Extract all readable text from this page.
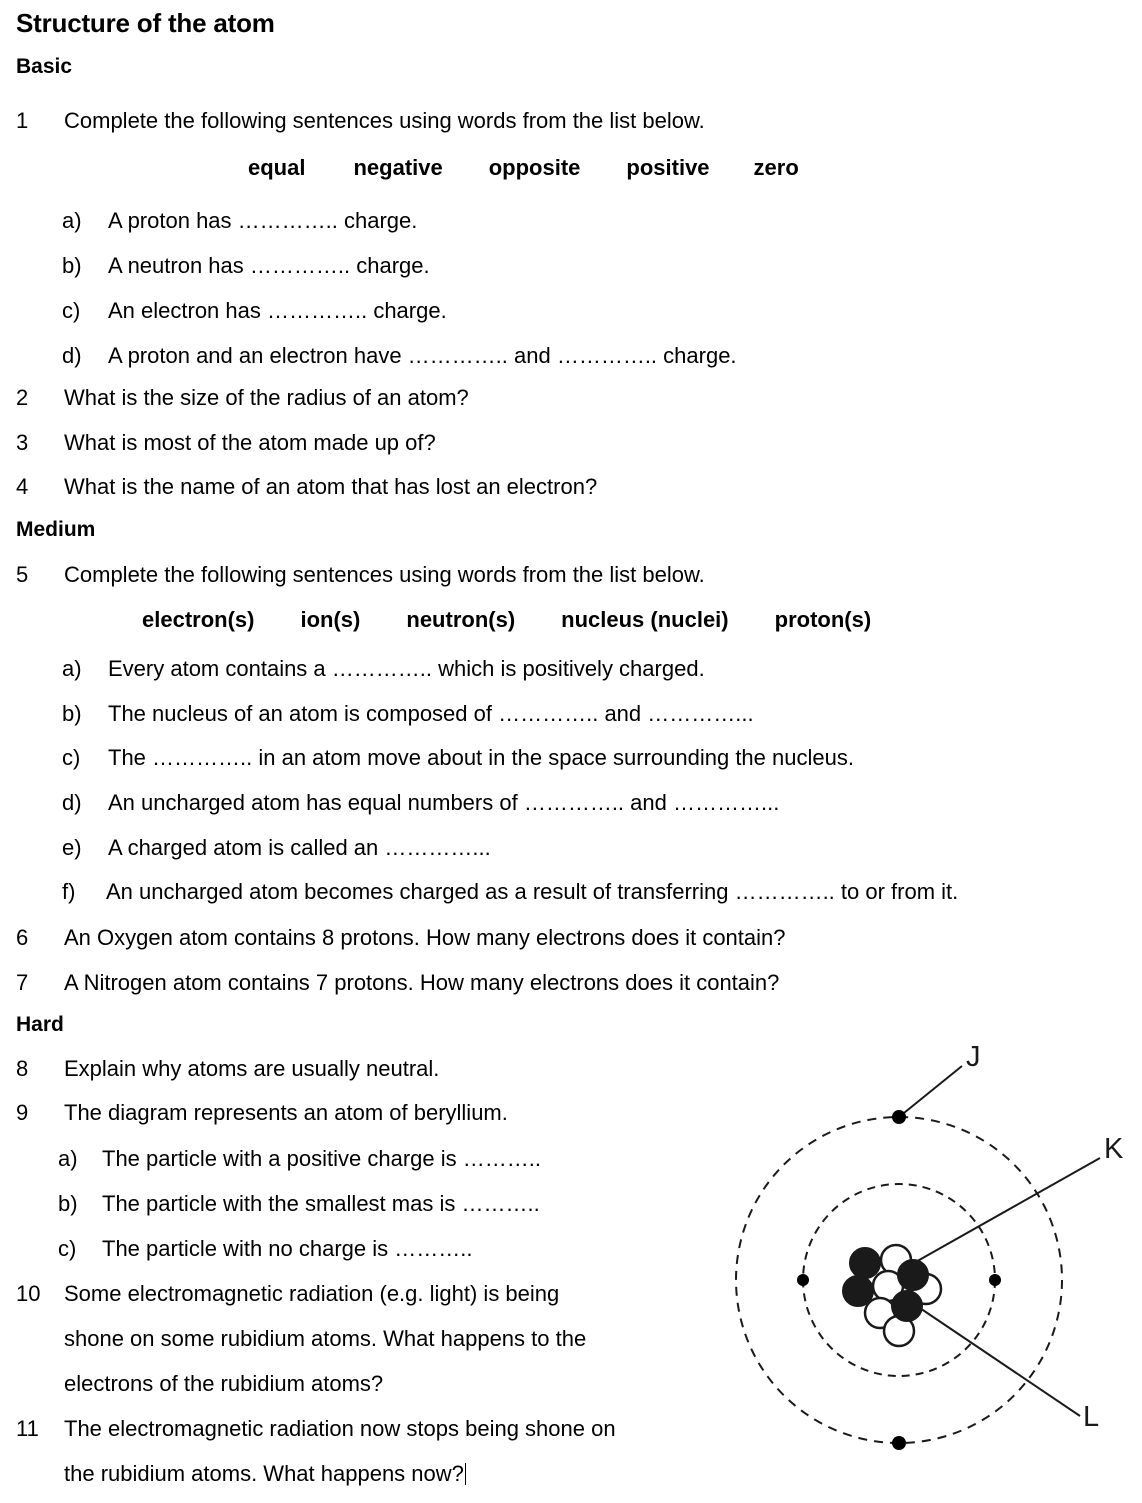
Structure of the atom
Basic
1 Complete the following sentences using words from the list below.
equal negative opposite positive zero
a) A proton has ………….. charge.
b) A neutron has ………….. charge.
c) An electron has ………….. charge.
d) A proton and an electron have ………….. and ………….. charge.
2 What is the size of the radius of an atom?
3 What is most of the atom made up of?
4 What is the name of an atom that has lost an electron?
Medium
5 Complete the following sentences using words from the list below.
electron(s) ion(s) neutron(s) nucleus (nuclei) proton(s)
a) Every atom contains a ………….. which is positively charged.
b) The nucleus of an atom is composed of ………….. and …………...
c) The ………….. in an atom move about in the space surrounding the nucleus.
d) An uncharged atom has equal numbers of ………….. and …………...
e) A charged atom is called an …………...
f) An uncharged atom becomes charged as a result of transferring ………….. to or from it.
6 An Oxygen atom contains 8 protons. How many electrons does it contain?
7 A Nitrogen atom contains 7 protons. How many electrons does it contain?
Hard
8 Explain why atoms are usually neutral.
9 The diagram represents an atom of beryllium.
a) The particle with a positive charge is ………..
b) The particle with the smallest mas is ………..
c) The particle with no charge is ………..
10 Some electromagnetic radiation (e.g. light) is being
shone on some rubidium atoms. What happens to the
electrons of the rubidium atoms?
11 The electromagnetic radiation now stops being shone on
the rubidium atoms. What happens now?
J
K
L
